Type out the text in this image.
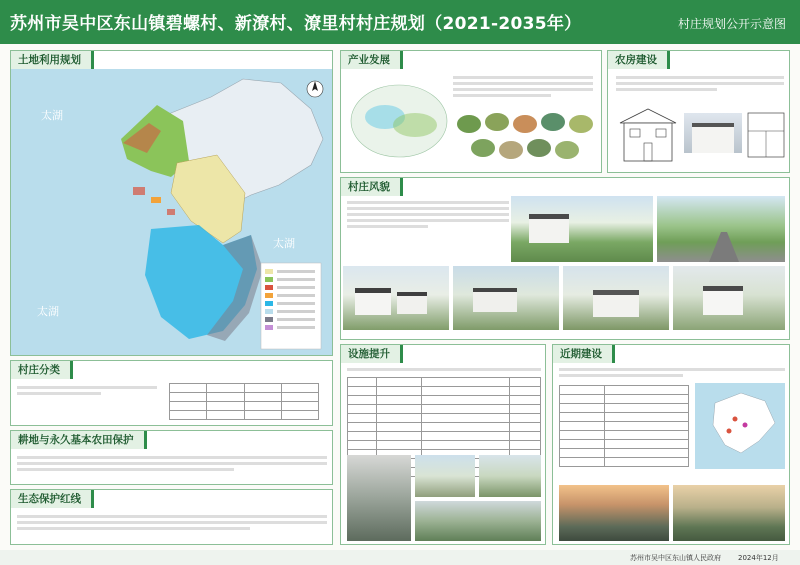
苏州市吴中区东山镇碧螺村、新潦村、潦里村村庄规划（2021-2035年）	村庄规划公开示意图
土地利用规划
太湖
太湖
太湖
产业发展	农房建设
村庄风貌
村庄分类

设施提升

				近期建设

耕地与永久基本农田保护
生态保护红线
苏州市吴中区东山镇人民政府 2024年12月
